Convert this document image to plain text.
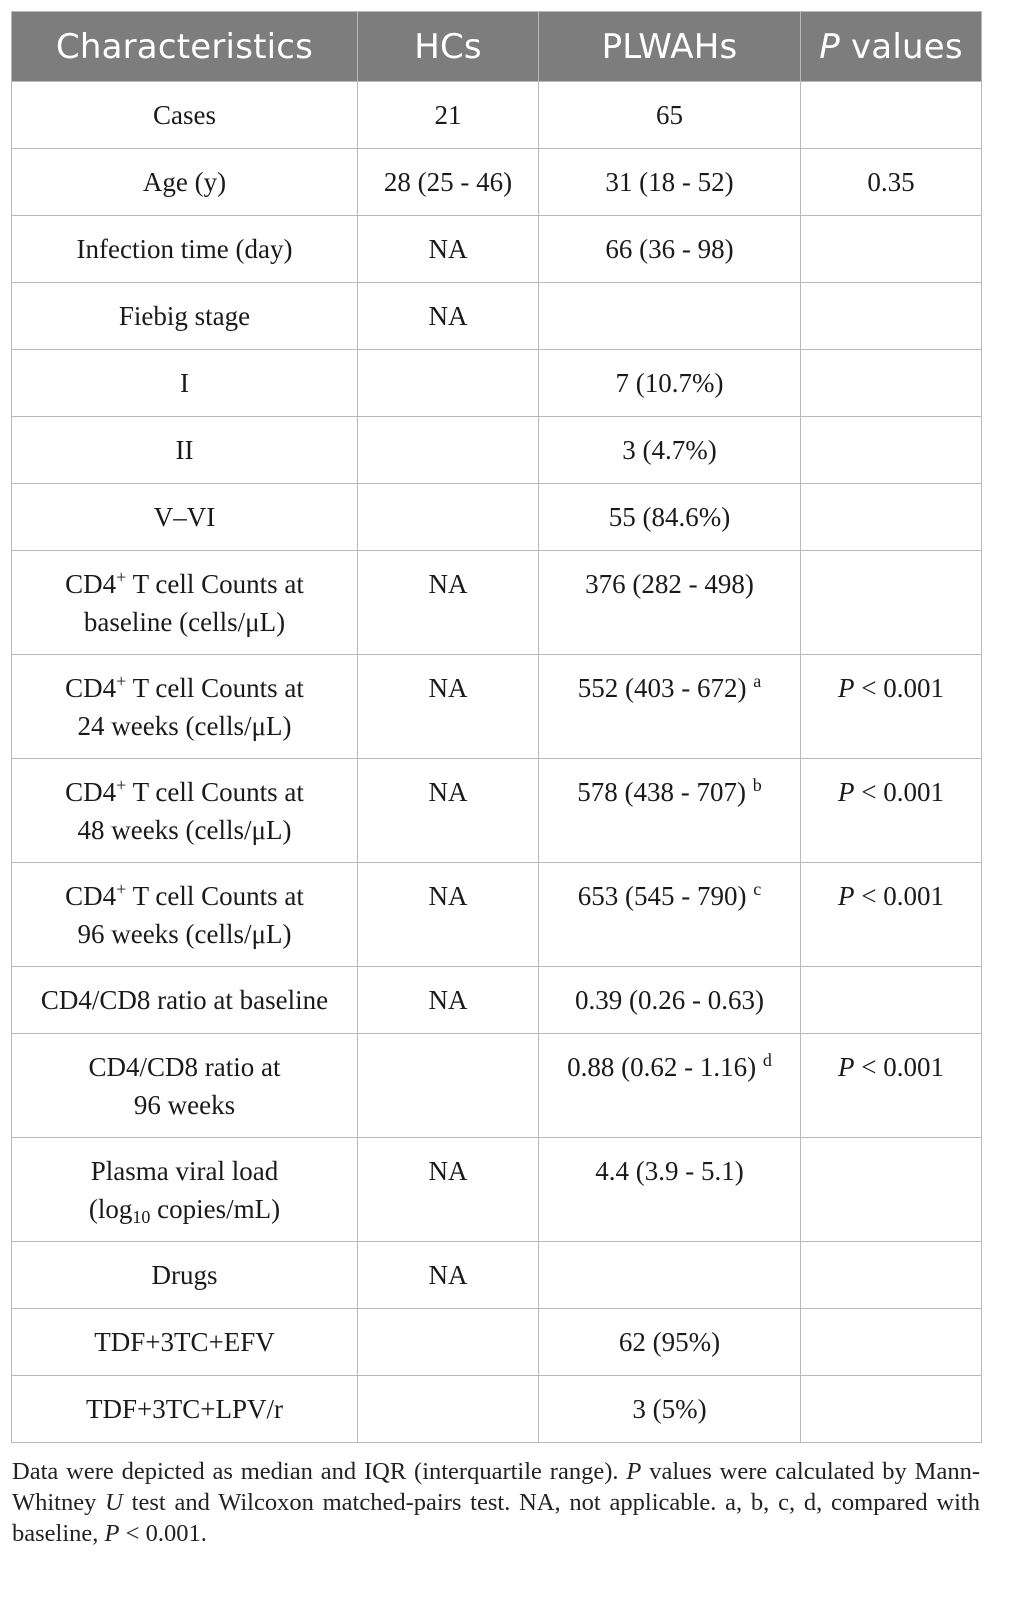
Characteristics	HCs	PLWAHs	P values
Cases	21	65	
Age (y)	28 (25 - 46)	31 (18 - 52)	0.35
Infection time (day)	NA	66 (36 - 98)	
Fiebig stage	NA		
I		7 (10.7%)	
II		3 (4.7%)	
V–VI		55 (84.6%)	
CD4+ T cell Counts at
baseline (cells/μL)	NA	376 (282 - 498)	
CD4+ T cell Counts at
24 weeks (cells/μL)	NA	552 (403 - 672) $^a$	P < 0.001
CD4+ T cell Counts at
48 weeks (cells/μL)	NA	578 (438 - 707) $^b$	P < 0.001
CD4+ T cell Counts at
96 weeks (cells/μL)	NA	653 (545 - 790) $^c$	P < 0.001
CD4/CD8 ratio at baseline	NA	0.39 (0.26 - 0.63)	
CD4/CD8 ratio at
96 weeks		0.88 (0.62 - 1.16) $^d$	P < 0.001
Plasma viral load
($\log_{10}$ copies/mL)	NA	4.4 (3.9 - 5.1)	
Drugs	NA		
TDF+3TC+EFV		62 (95%)	
TDF+3TC+LPV/r		3 (5%)	
Data were depicted as median and IQR (interquartile range). P values were calculated by Mann-Whitney U test and Wilcoxon matched-pairs test. NA, not applicable. a, b, c, d, compared with baseline, P < 0.001.
